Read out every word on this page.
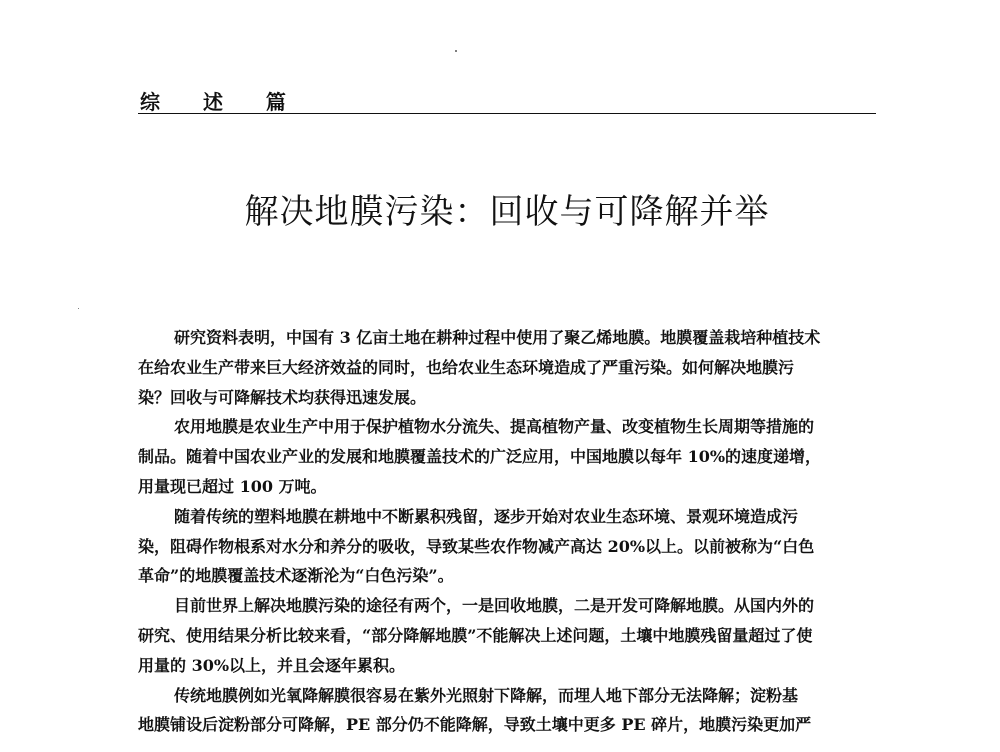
综 述 篇
解决地膜污染：回收与可降解并举

研究资料表明，中国有 3 亿亩土地在耕种过程中使用了聚乙烯地膜。地膜覆盖栽培种植技术
在给农业生产带来巨大经济效益的同时，也给农业生态环境造成了严重污染。如何解决地膜污
染？回收与可降解技术均获得迅速发展。

农用地膜是农业生产中用于保护植物水分流失、提高植物产量、改变植物生长周期等措施的
制品。随着中国农业产业的发展和地膜覆盖技术的广泛应用，中国地膜以每年 10%的速度递增，
用量现已超过 100 万吨。

随着传统的塑料地膜在耕地中不断累积残留，逐步开始对农业生态环境、景观环境造成污
染，阻碍作物根系对水分和养分的吸收，导致某些农作物减产高达 20%以上。以前被称为“白色
革命”的地膜覆盖技术逐渐沦为“白色污染”。

目前世界上解决地膜污染的途径有两个，一是回收地膜，二是开发可降解地膜。从国内外的
研究、使用结果分析比较来看，“部分降解地膜”不能解决上述问题，土壤中地膜残留量超过了使
用量的 30%以上，并且会逐年累积。

传统地膜例如光氧降解膜很容易在紫外光照射下降解，而埋人地下部分无法降解；淀粉基
地膜铺设后淀粉部分可降解，PE 部分仍不能降解，导致土壤中更多 PE 碎片，地膜污染更加严
